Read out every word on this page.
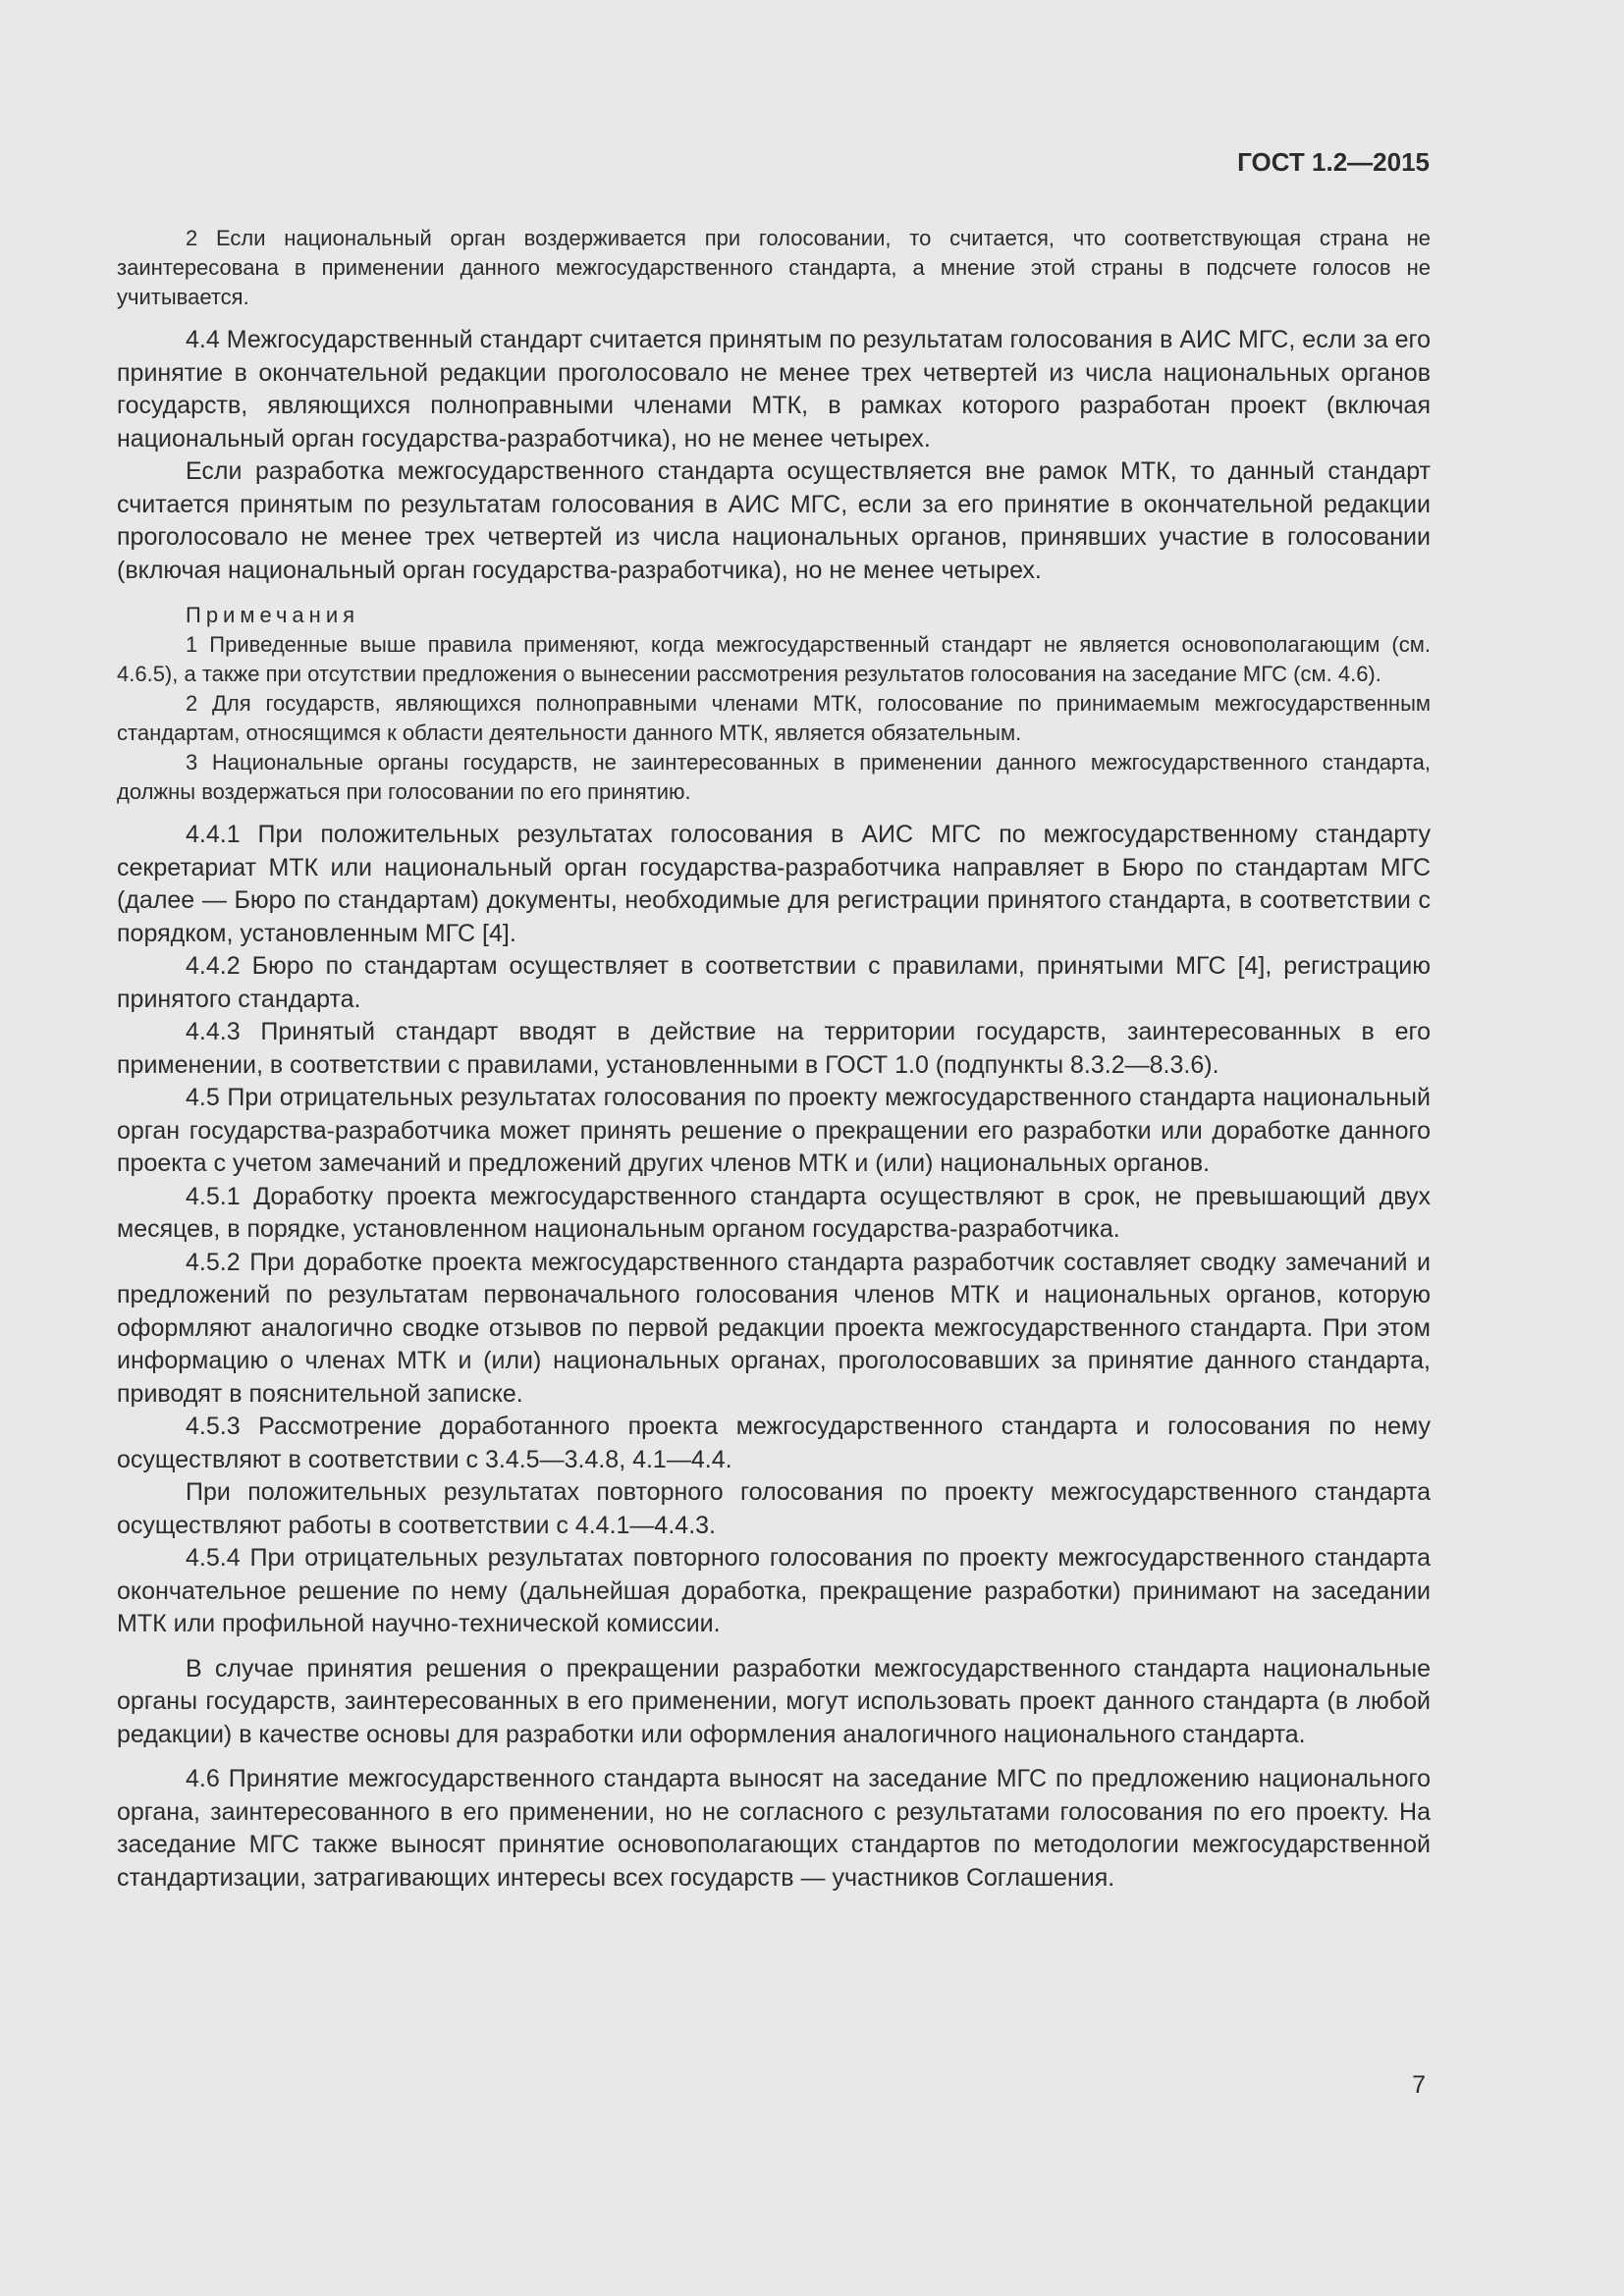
ГОСТ 1.2—2015

2 Если национальный орган воздерживается при голосовании, то считается, что соответствующая страна не заинтересована в применении данного межгосударственного стандарта, а мнение этой страны в подсчете голосов не учитывается.

4.4 Межгосударственный стандарт считается принятым по результатам голосования в АИС МГС, если за его принятие в окончательной редакции проголосовало не менее трех четвертей из числа национальных органов государств, являющихся полноправными членами МТК, в рамках которого разработан проект (включая национальный орган государства-разработчика), но не менее четырех.

Если разработка межгосударственного стандарта осуществляется вне рамок МТК, то данный стандарт считается принятым по результатам голосования в АИС МГС, если за его принятие в окончательной редакции проголосовало не менее трех четвертей из числа национальных органов, принявших участие в голосовании (включая национальный орган государства-разработчика), но не менее четырех.

Примечания

1 Приведенные выше правила применяют, когда межгосударственный стандарт не является основополагающим (см. 4.6.5), а также при отсутствии предложения о вынесении рассмотрения результатов голосования на заседание МГС (см. 4.6).

2 Для государств, являющихся полноправными членами МТК, голосование по принимаемым межгосударственным стандартам, относящимся к области деятельности данного МТК, является обязательным.

3 Национальные органы государств, не заинтересованных в применении данного межгосударственного стандарта, должны воздержаться при голосовании по его принятию.

4.4.1 При положительных результатах голосования в АИС МГС по межгосударственному стандарту секретариат МТК или национальный орган государства-разработчика направляет в Бюро по стандартам МГС (далее — Бюро по стандартам) документы, необходимые для регистрации принятого стандарта, в соответствии с порядком, установленным МГС [4].

4.4.2 Бюро по стандартам осуществляет в соответствии с правилами, принятыми МГС [4], регистрацию принятого стандарта.

4.4.3 Принятый стандарт вводят в действие на территории государств, заинтересованных в его применении, в соответствии с правилами, установленными в ГОСТ 1.0 (подпункты 8.3.2—8.3.6).

4.5 При отрицательных результатах голосования по проекту межгосударственного стандарта национальный орган государства-разработчика может принять решение о прекращении его разработки или доработке данного проекта с учетом замечаний и предложений других членов МТК и (или) национальных органов.

4.5.1 Доработку проекта межгосударственного стандарта осуществляют в срок, не превышающий двух месяцев, в порядке, установленном национальным органом государства-разработчика.

4.5.2 При доработке проекта межгосударственного стандарта разработчик составляет сводку замечаний и предложений по результатам первоначального голосования членов МТК и национальных органов, которую оформляют аналогично сводке отзывов по первой редакции проекта межгосударственного стандарта. При этом информацию о членах МТК и (или) национальных органах, проголосовавших за принятие данного стандарта, приводят в пояснительной записке.

4.5.3 Рассмотрение доработанного проекта межгосударственного стандарта и голосования по нему осуществляют в соответствии с 3.4.5—3.4.8, 4.1—4.4.

При положительных результатах повторного голосования по проекту межгосударственного стандарта осуществляют работы в соответствии с 4.4.1—4.4.3.

4.5.4 При отрицательных результатах повторного голосования по проекту межгосударственного стандарта окончательное решение по нему (дальнейшая доработка, прекращение разработки) принимают на заседании МТК или профильной научно-технической комиссии.

В случае принятия решения о прекращении разработки межгосударственного стандарта национальные органы государств, заинтересованных в его применении, могут использовать проект данного стандарта (в любой редакции) в качестве основы для разработки или оформления аналогичного национального стандарта.

4.6 Принятие межгосударственного стандарта выносят на заседание МГС по предложению национального органа, заинтересованного в его применении, но не согласного с результатами голосования по его проекту. На заседание МГС также выносят принятие основополагающих стандартов по методологии межгосударственной стандартизации, затрагивающих интересы всех государств — участников Соглашения.

7
